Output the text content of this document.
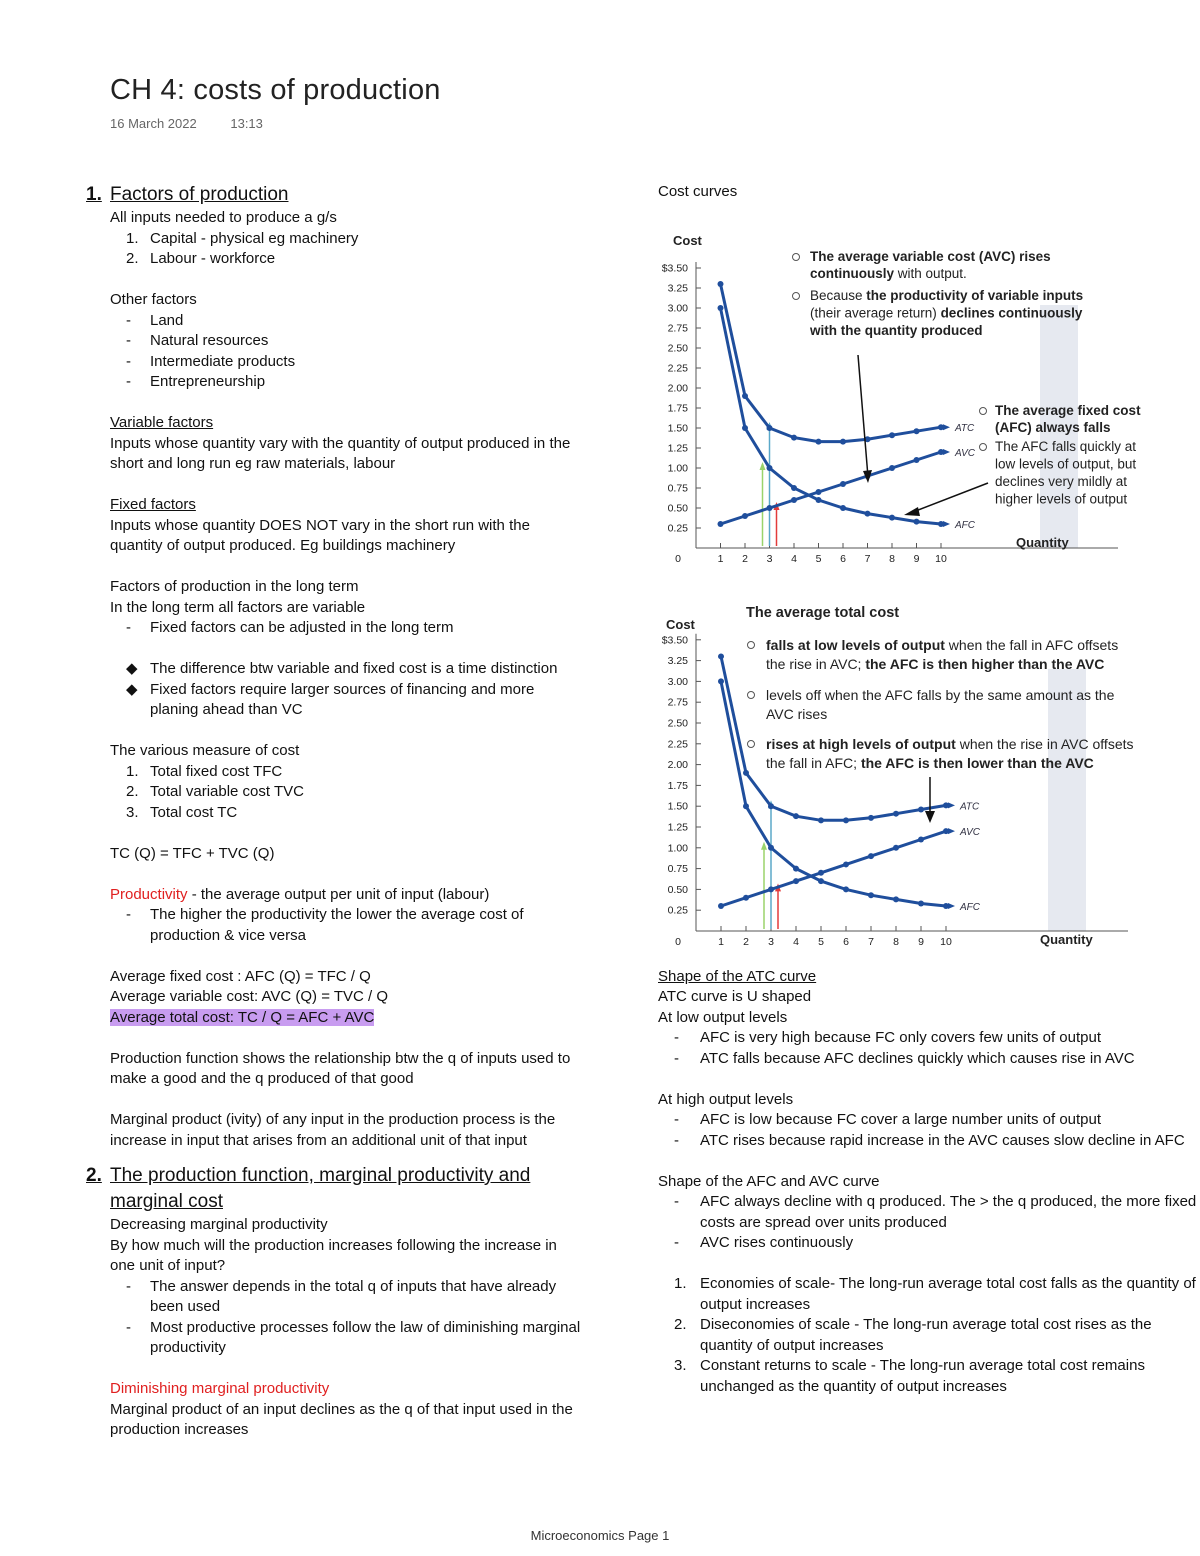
CH 4: costs of production
16 March 2022	13:13
1. Factors of production

All inputs needed to produce a g/s

1. Capital - physical eg machinery
2. Labour - workforce

Other factors

-	Land
-	Natural resources
-	Intermediate products
-	Entrepreneurship

Variable factors

Inputs whose quantity vary with the quantity of output produced in the short and long run eg raw materials, labour

Fixed factors

Inputs whose quantity DOES NOT vary in the short run with the quantity of output produced. Eg buildings machinery

Factors of production in the long term

In the long term all factors are variable

-	Fixed factors can be adjusted in the long term
◆ The difference btw variable and fixed cost is a time distinction
◆ Fixed factors require larger sources of financing and more planing ahead than VC

The various measure of cost

1. Total fixed cost TFC
2. Total variable cost TVC
3. Total cost TC

TC (Q) = TFC + TVC (Q)

Productivity - the average output per unit of input (labour)

-	The higher the productivity the lower the average cost of production & vice versa

Average fixed cost : AFC (Q) = TFC / Q

Average variable cost: AVC (Q) = TVC / Q

Average total cost: TC / Q = AFC + AVC

Production function shows the relationship btw the q of inputs used to make a good and the q produced of that good

Marginal product (ivity) of any input in the production process is the increase in input that arises from an additional unit of that input

2. The production function, marginal productivity and marginal cost

Decreasing marginal productivity

By how much will the production increases following the increase in one unit of input?

-	The answer depends in the total q of inputs that have already been used
-	Most productive processes follow the law of diminishing marginal productivity

Diminishing marginal productivity

Marginal product of an input declines as the q of that input used in the production increases

Cost curves

$3.50
3.25
3.00
2.75
2.50
2.25
2.00
1.75
1.50
1.25
1.00
0.75
0.50
0.25
0	1 2 3 4 5 6 7 8 9 10
Cost
Quantity
ATC
AVC
AFC
The average variable cost (AVC) rises continuously with output.
Because the productivity of variable inputs (their average return) declines continuously with the quantity produced
The average fixed cost (AFC) always falls
The AFC falls quickly at low levels of output, but declines very mildly at higher levels of output
$3.50
3.25
3.00
2.75
2.50
2.25
2.00
1.75
1.50
1.25
1.00
0.75
0.50
0.25
0	1 2 3 4 5 6 7 8 9 10
Cost
Quantity
ATC
AVC
AFC
The average total cost
falls at low levels of output when the fall in AFC offsets the rise in AVC; the AFC is then higher than the AVC
levels off when the AFC falls by the same amount as the AVC rises
rises at high levels of output when the rise in AVC offsets the fall in AFC; the AFC is then lower than the AVC

Shape of the ATC curve

ATC curve is U shaped

At low output levels

-	AFC is very high because FC only covers few units of output
-	ATC falls because AFC declines quickly which causes rise in AVC

At high output levels

-	AFC is low because FC cover a large number units of output
-	ATC rises because rapid increase in the AVC causes slow decline in AFC

Shape of the AFC and AVC curve

-	AFC always decline with q produced. The > the q produced, the more fixed costs are spread over units produced
-	AVC rises continuously
1. Economies of scale- The long-run average total cost falls as the quantity of output increases
2. Diseconomies of scale - The long-run average total cost rises as the quantity of output increases
3. Constant returns to scale - The long-run average total cost remains unchanged as the quantity of output increases
Microeconomics Page 1
